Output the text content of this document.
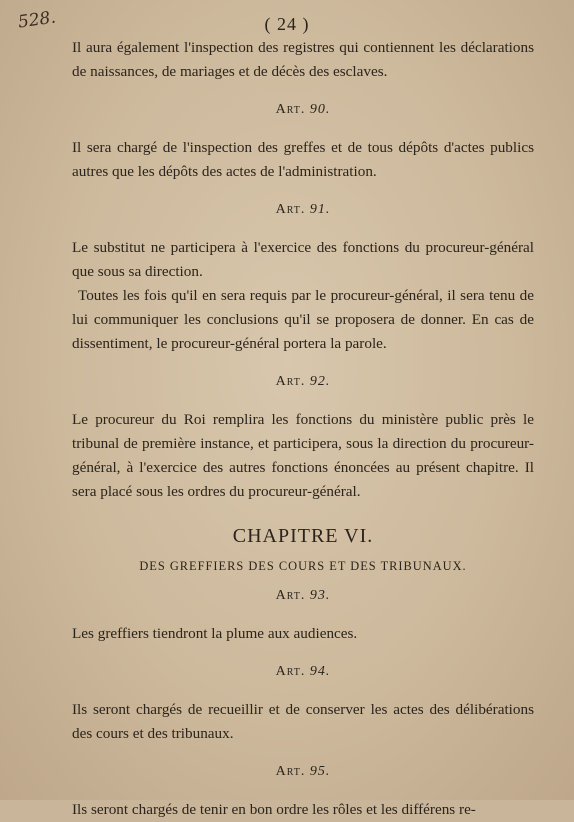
528.	( 24 )

Il aura également l'inspection des registres qui contiennent les déclarations de naissances, de mariages et de décès des esclaves.

Art. 90.

Il sera chargé de l'inspection des greffes et de tous dépôts d'actes publics autres que les dépôts des actes de l'administration.

Art. 91.

Le substitut ne participera à l'exercice des fonctions du procureur-général que sous sa direction.

Toutes les fois qu'il en sera requis par le procureur-général, il sera tenu de lui communiquer les conclusions qu'il se proposera de donner. En cas de dissentiment, le procureur-général portera la parole.

Art. 92.

Le procureur du Roi remplira les fonctions du ministère public près le tribunal de première instance, et participera, sous la direction du procureur-général, à l'exercice des autres fonctions énoncées au présent chapitre. Il sera placé sous les ordres du procureur-général.

CHAPITRE VI.
DES GREFFIERS DES COURS ET DES TRIBUNAUX.
Art. 93.

Les greffiers tiendront la plume aux audiences.

Art. 94.

Ils seront chargés de recueillir et de conserver les actes des délibérations des cours et des tribunaux.

Art. 95.

Ils seront chargés de tenir en bon ordre les rôles et les différens re-
